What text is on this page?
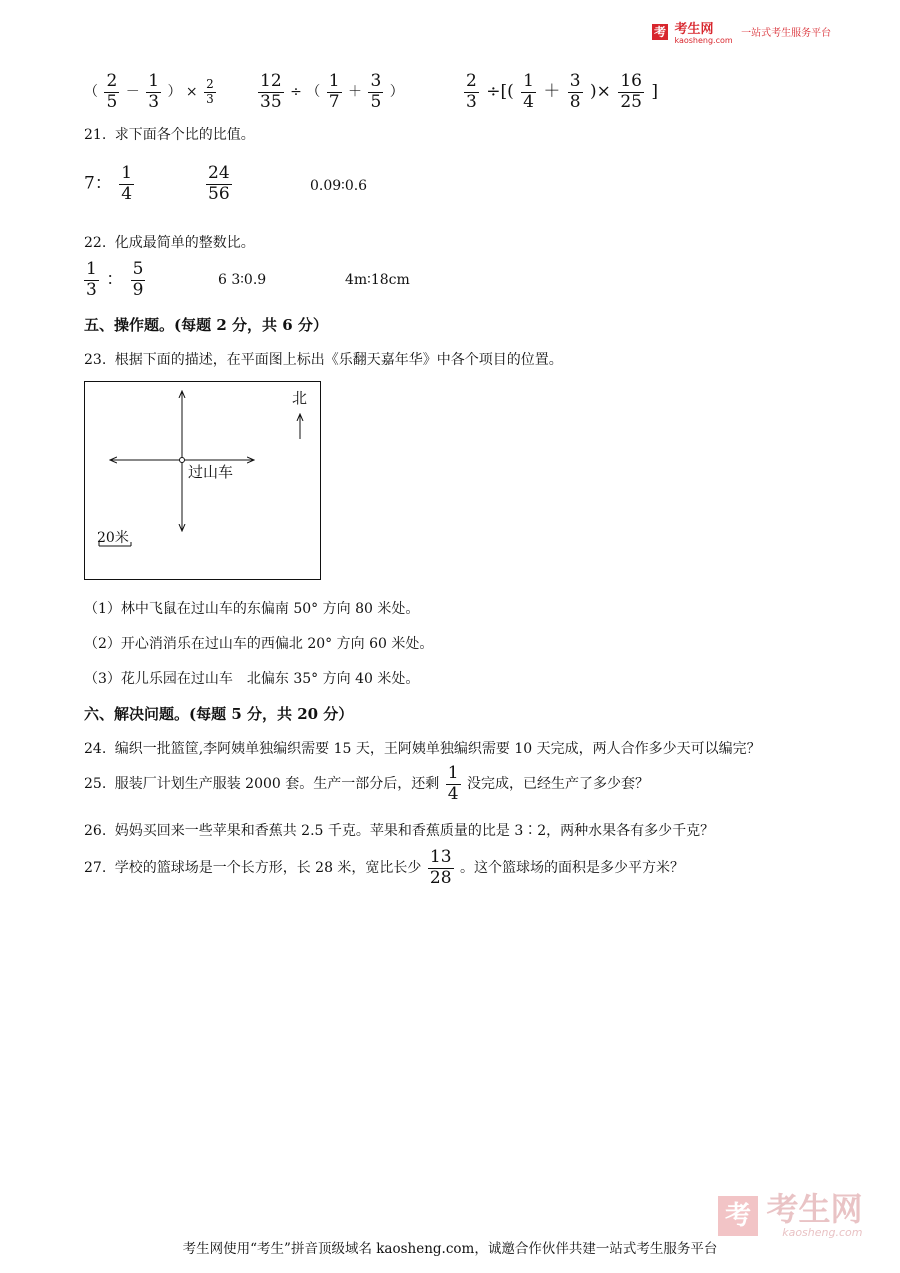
考 考生网
kaosheng.com
一站式考生服务平台
（ $\frac{2}{5} - \frac{1}{3}$ ） × $\frac{2}{3} \frac{12}{35}$ ÷ （ $\frac{1}{7} + \frac{3}{5}$ ）	$\frac{2}{3}$ ÷[( $\frac{1}{4} + \frac{3}{8}$ )× $\frac{16}{25}$ ]
21. 求下面各个比的比值。
7： $\frac{1}{4}$	$\frac{24}{56}$	0.09∶0.6
22. 化成最简单的整数比。
$\frac{1}{3}$ ： $\frac{5}{9}$	6 3∶0.9	4m∶18cm
五、操作题。(每题 2 分，共 6 分）
23. 根据下面的描述，在平面图上标出《乐翻天嘉年华》中各个项目的位置。
北
过山车
20米
（1）林中飞鼠在过山车的东偏南 50° 方向 80 米处。
（2）开心消消乐在过山车的西偏北 20° 方向 60 米处。
（3）花儿乐园在过山车　北偏东 35° 方向 40 米处。
六、解决问题。(每题 5 分，共 20 分）
24. 编织一批篮筐,李阿姨单独编织需要 15 天，王阿姨单独编织需要 10 天完成，两人合作多少天可以编完？
25. 服装厂计划生产服装 2000 套。生产一部分后，还剩 $\frac{1}{4}$ 没完成，已经生产了多少套？
26. 妈妈买回来一些苹果和香蕉共 2.5 千克。苹果和香蕉质量的比是 3∶2，两种水果各有多少千克？
27. 学校的篮球场是一个长方形，长 28 米，宽比长少 $\frac{13}{28}$ 。这个篮球场的面积是多少平方米？
考 考生网
kaosheng.com
考生网使用“考生”拼音顶级域名 kaosheng.com，诚邀合作伙伴共建一站式考生服务平台
